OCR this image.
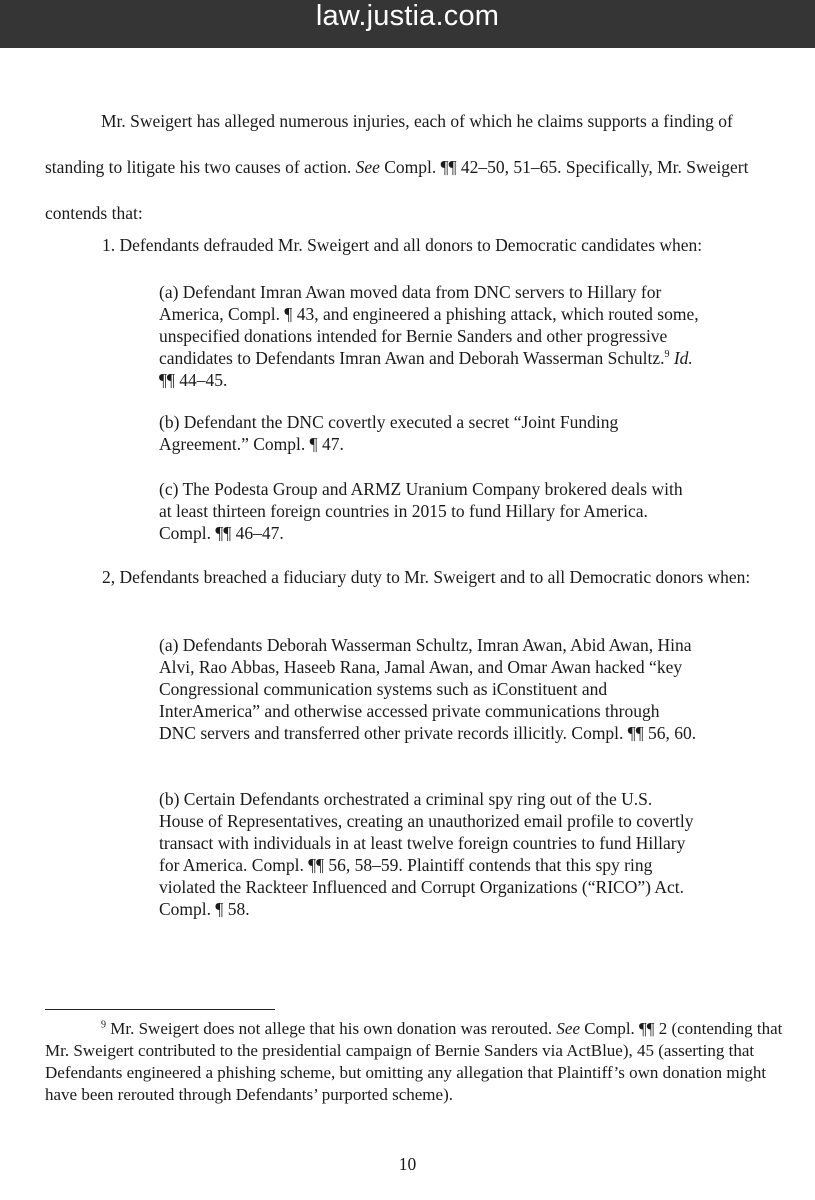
law.justia.com

Mr. Sweigert has alleged numerous injuries, each of which he claims supports a finding of standing to litigate his two causes of action. See Compl. ¶¶ 42–50, 51–65. Specifically, Mr. Sweigert contends that:

1. Defendants defrauded Mr. Sweigert and all donors to Democratic candidates when:

(a) Defendant Imran Awan moved data from DNC servers to Hillary for America, Compl. ¶ 43, and engineered a phishing attack, which routed some, unspecified donations intended for Bernie Sanders and other progressive candidates to Defendants Imran Awan and Deborah Wasserman Schultz.$^9$ Id. ¶¶ 44–45.

(b) Defendant the DNC covertly executed a secret “Joint Funding Agreement.” Compl. ¶ 47.

(c) The Podesta Group and ARMZ Uranium Company brokered deals with at least thirteen foreign countries in 2015 to fund Hillary for America. Compl. ¶¶ 46–47.

2, Defendants breached a fiduciary duty to Mr. Sweigert and to all Democratic donors when:

(a) Defendants Deborah Wasserman Schultz, Imran Awan, Abid Awan, Hina Alvi, Rao Abbas, Haseeb Rana, Jamal Awan, and Omar Awan hacked “key Congressional communication systems such as iConstituent and InterAmerica” and otherwise accessed private communications through DNC servers and transferred other private records illicitly. Compl. ¶¶ 56, 60.

(b) Certain Defendants orchestrated a criminal spy ring out of the U.S. House of Representatives, creating an unauthorized email profile to covertly transact with individuals in at least twelve foreign countries to fund Hillary for America. Compl. ¶¶ 56, 58–59. Plaintiff contends that this spy ring violated the Rackteer Influenced and Corrupt Organizations (“RICO”) Act. Compl. ¶ 58.

$^9$ Mr. Sweigert does not allege that his own donation was rerouted. See Compl. ¶¶ 2 (contending that Mr. Sweigert contributed to the presidential campaign of Bernie Sanders via ActBlue), 45 (asserting that Defendants engineered a phishing scheme, but omitting any allegation that Plaintiff’s own donation might have been rerouted through Defendants’ purported scheme).

10
